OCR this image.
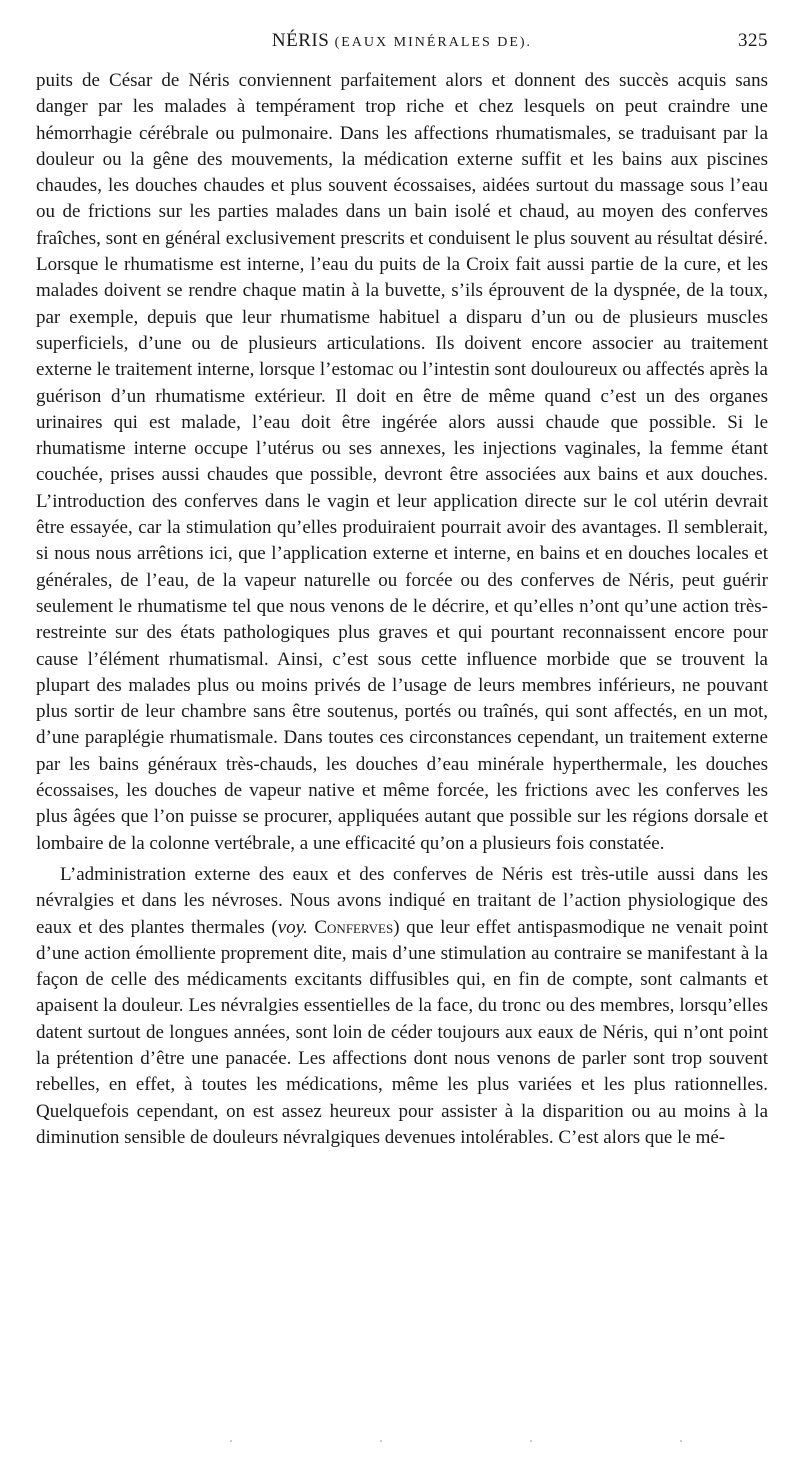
NÉRIS (EAUX MINÉRALES DE).	325

puits de César de Néris conviennent parfaitement alors et donnent des succès acquis sans danger par les malades à tempérament trop riche et chez lesquels on peut craindre une hémorrhagie cérébrale ou pulmonaire. Dans les affections rhumatismales, se traduisant par la douleur ou la gêne des mouvements, la médication externe suffit et les bains aux piscines chaudes, les douches chaudes et plus souvent écossaises, aidées surtout du massage sous l’eau ou de frictions sur les parties malades dans un bain isolé et chaud, au moyen des conferves fraîches, sont en général exclusivement prescrits et conduisent le plus souvent au résultat désiré. Lorsque le rhumatisme est interne, l’eau du puits de la Croix fait aussi partie de la cure, et les malades doivent se rendre chaque matin à la buvette, s’ils éprouvent de la dyspnée, de la toux, par exemple, depuis que leur rhumatisme habituel a disparu d’un ou de plusieurs muscles superficiels, d’une ou de plusieurs articulations. Ils doivent encore associer au traitement externe le traitement interne, lorsque l’estomac ou l’intestin sont douloureux ou affectés après la guérison d’un rhumatisme extérieur. Il doit en être de même quand c’est un des organes urinaires qui est malade, l’eau doit être ingérée alors aussi chaude que possible. Si le rhumatisme interne occupe l’utérus ou ses annexes, les injections vaginales, la femme étant couchée, prises aussi chaudes que possible, devront être associées aux bains et aux douches. L’introduction des conferves dans le vagin et leur application directe sur le col utérin devrait être essayée, car la stimulation qu’elles produiraient pourrait avoir des avantages. Il semblerait, si nous nous arrêtions ici, que l’application externe et interne, en bains et en douches locales et générales, de l’eau, de la vapeur naturelle ou forcée ou des conferves de Néris, peut guérir seulement le rhumatisme tel que nous venons de le décrire, et qu’elles n’ont qu’une action très-restreinte sur des états pathologiques plus graves et qui pourtant reconnaissent encore pour cause l’élément rhumatismal. Ainsi, c’est sous cette influence morbide que se trouvent la plupart des malades plus ou moins privés de l’usage de leurs membres inférieurs, ne pouvant plus sortir de leur chambre sans être soutenus, portés ou traînés, qui sont affectés, en un mot, d’une paraplégie rhumatismale. Dans toutes ces circonstances cependant, un traitement externe par les bains généraux très-chauds, les douches d’eau minérale hyperthermale, les douches écossaises, les douches de vapeur native et même forcée, les frictions avec les conferves les plus âgées que l’on puisse se procurer, appliquées autant que possible sur les régions dorsale et lombaire de la colonne vertébrale, a une efficacité qu’on a plusieurs fois constatée.

L’administration externe des eaux et des conferves de Néris est très-utile aussi dans les névralgies et dans les névroses. Nous avons indiqué en traitant de l’action physiologique des eaux et des plantes thermales (voy. Conferves) que leur effet antispasmodique ne venait point d’une action émolliente proprement dite, mais d’une stimulation au contraire se manifestant à la façon de celle des médicaments excitants diffusibles qui, en fin de compte, sont calmants et apaisent la douleur. Les névralgies essentielles de la face, du tronc ou des membres, lorsqu’elles datent surtout de longues années, sont loin de céder toujours aux eaux de Néris, qui n’ont point la prétention d’être une panacée. Les affections dont nous venons de parler sont trop souvent rebelles, en effet, à toutes les médications, même les plus variées et les plus rationnelles. Quelquefois cependant, on est assez heureux pour assister à la disparition ou au moins à la diminution sensible de douleurs névralgiques devenues intolérables. C’est alors que le mé-
